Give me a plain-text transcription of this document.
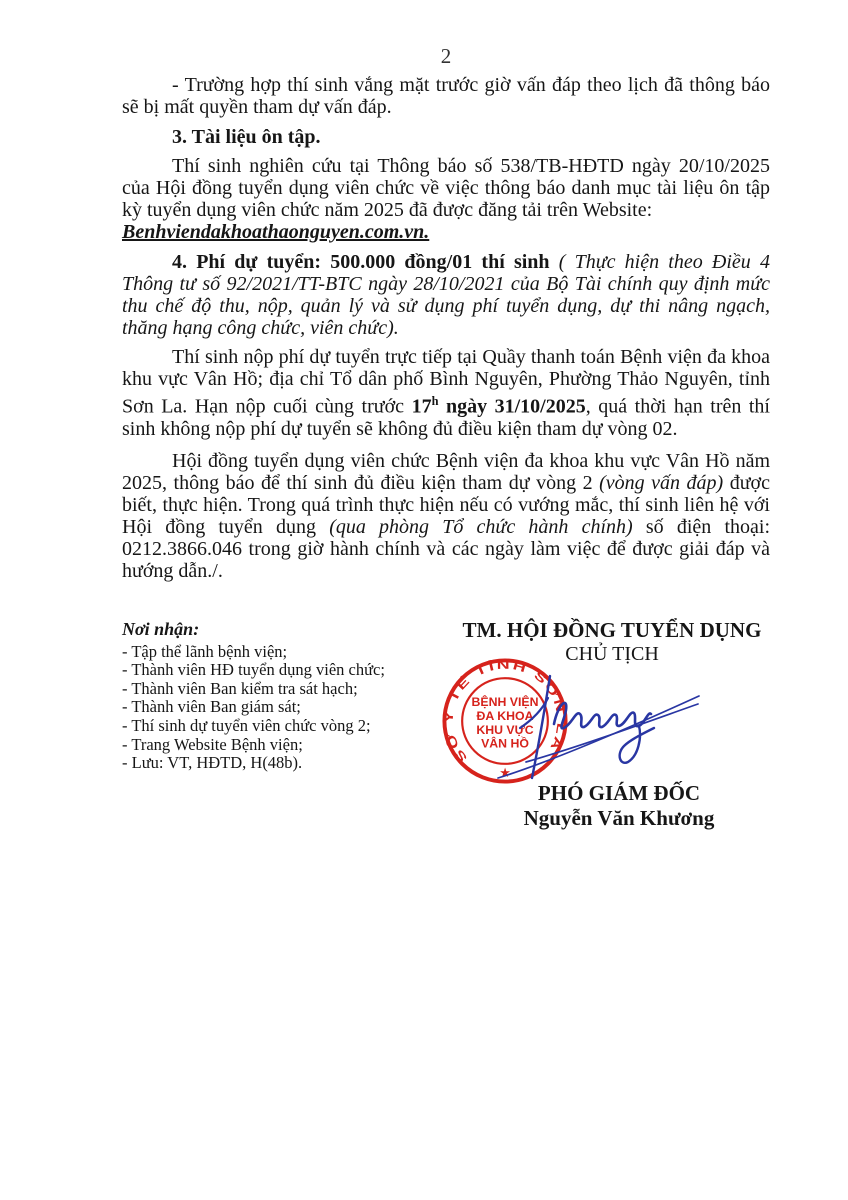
2

- Trường hợp thí sinh vắng mặt trước giờ vấn đáp theo lịch đã thông báo sẽ bị mất quyền tham dự vấn đáp.

3. Tài liệu ôn tập.

Thí sinh nghiên cứu tại Thông báo số 538/TB-HĐTD ngày 20/10/2025 của Hội đồng tuyển dụng viên chức về việc thông báo danh mục tài liệu ôn tập kỳ tuyển dụng viên chức năm 2025 đã được đăng tải trên Website:
Benhviendakhoathaonguyen.com.vn.

4. Phí dự tuyển: 500.000 đồng/01 thí sinh ( Thực hiện theo Điều 4 Thông tư số 92/2021/TT-BTC ngày 28/10/2021 của Bộ Tài chính quy định mức thu chế độ thu, nộp, quản lý và sử dụng phí tuyển dụng, dự thi nâng ngạch, thăng hạng công chức, viên chức).

Thí sinh nộp phí dự tuyển trực tiếp tại Quầy thanh toán Bệnh viện đa khoa khu vực Vân Hồ; địa chỉ Tổ dân phố Bình Nguyên, Phường Thảo Nguyên, tỉnh Sơn La. Hạn nộp cuối cùng trước 17$^h$ ngày 31/10/2025, quá thời hạn trên thí sinh không nộp phí dự tuyển sẽ không đủ điều kiện tham dự vòng 02.

Hội đồng tuyển dụng viên chức Bệnh viện đa khoa khu vực Vân Hồ năm 2025, thông báo để thí sinh đủ điều kiện tham dự vòng 2 (vòng vấn đáp) được biết, thực hiện. Trong quá trình thực hiện nếu có vướng mắc, thí sinh liên hệ với Hội đồng tuyển dụng (qua phòng Tổ chức hành chính) số điện thoại: 0212.3866.046 trong giờ hành chính và các ngày làm việc để được giải đáp và hướng dẫn./.

Nơi nhận:
- Tập thể lãnh bệnh viện;
- Thành viên HĐ tuyển dụng viên chức;
- Thành viên Ban kiểm tra sát hạch;
- Thành viên Ban giám sát;
- Thí sinh dự tuyển viên chức vòng 2;
- Trang Website Bệnh viện;
- Lưu: VT, HĐTD, H(48b).
TM. HỘI ĐỒNG TUYỂN DỤNG
CHỦ TỊCH
PHÓ GIÁM ĐỐC
Nguyễn Văn Khương
SỞ Y TẾ TỈNH SƠN LA
BỆNH VIỆN
ĐA KHOA
KHU VỰC
VÂN HỒ
★
